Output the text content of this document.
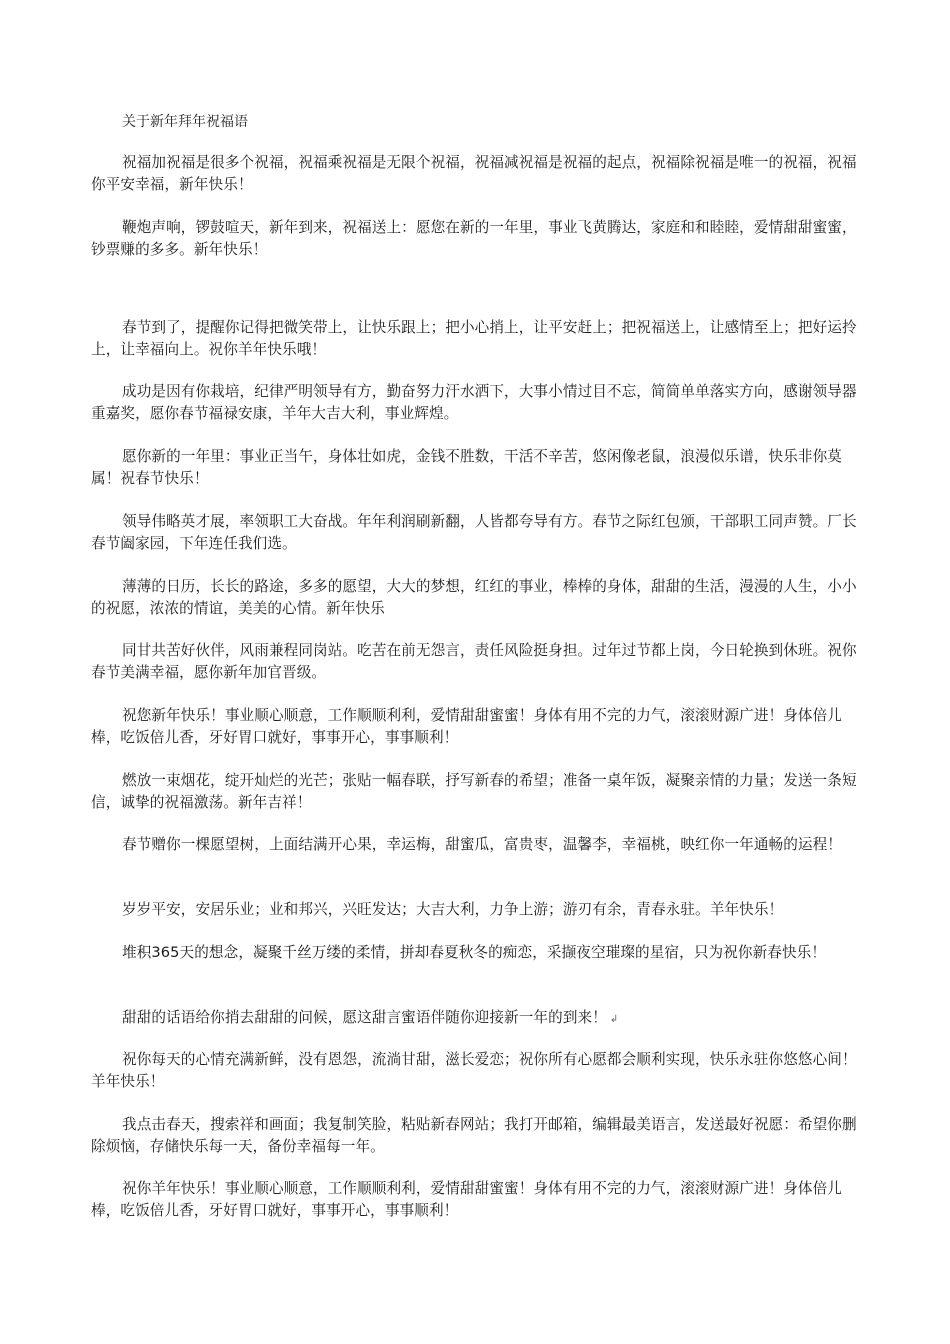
关于新年拜年祝福语
祝福加祝福是很多个祝福，祝福乘祝福是无限个祝福，祝福减祝福是祝福的起点，祝福除祝福是唯一的祝福，祝福你平安幸福，新年快乐！
鞭炮声响，锣鼓喧天，新年到来，祝福送上：愿您在新的一年里，事业飞黄腾达，家庭和和睦睦，爱情甜甜蜜蜜，钞票赚的多多。新年快乐！
春节到了，提醒你记得把微笑带上，让快乐跟上；把小心捎上，让平安赶上；把祝福送上，让感情至上；把好运拎上，让幸福向上。祝你羊年快乐哦！
成功是因有你栽培，纪律严明领导有方，勤奋努力汗水洒下，大事小情过目不忘，简简单单落实方向，感谢领导器重嘉奖，愿你春节福禄安康，羊年大吉大利，事业辉煌。
愿你新的一年里：事业正当午，身体壮如虎，金钱不胜数，干活不辛苦，悠闲像老鼠，浪漫似乐谱，快乐非你莫属！祝春节快乐！
领导伟略英才展，率领职工大奋战。年年利润刷新翻，人皆都夸导有方。春节之际红包颁，干部职工同声赞。厂长春节阖家园，下年连任我们选。
薄薄的日历，长长的路途，多多的愿望，大大的梦想，红红的事业，棒棒的身体，甜甜的生活，漫漫的人生，小小的祝愿，浓浓的情谊，美美的心情。新年快乐
同甘共苦好伙伴，风雨兼程同岗站。吃苦在前无怨言，责任风险挺身担。过年过节都上岗，今日轮换到休班。祝你春节美满幸福，愿你新年加官晋级。
祝您新年快乐！事业顺心顺意，工作顺顺利利，爱情甜甜蜜蜜！身体有用不完的力气，滚滚财源广进！身体倍儿棒，吃饭倍儿香，牙好胃口就好，事事开心，事事顺利！
燃放一束烟花，绽开灿烂的光芒；张贴一幅春联，抒写新春的希望；准备一桌年饭，凝聚亲情的力量；发送一条短信，诚挚的祝福激荡。新年吉祥！
春节赠你一棵愿望树，上面结满开心果，幸运梅，甜蜜瓜，富贵枣，温馨李，幸福桃，映红你一年通畅的运程！
岁岁平安，安居乐业；业和邦兴，兴旺发达；大吉大利，力争上游；游刃有余，青春永驻。羊年快乐！
堆积365天的想念，凝聚千丝万缕的柔情，拼却春夏秋冬的痴恋，采撷夜空璀璨的星宿，只为祝你新春快乐！
甜甜的话语给你捎去甜甜的问候，愿这甜言蜜语伴随你迎接新一年的到来！ ↲
祝你每天的心情充满新鲜，没有恩怨，流淌甘甜，滋长爱恋；祝你所有心愿都会顺利实现，快乐永驻你悠悠心间！羊年快乐！
我点击春天，搜索祥和画面；我复制笑脸，粘贴新春网站；我打开邮箱，编辑最美语言，发送最好祝愿：希望你删除烦恼，存储快乐每一天，备份幸福每一年。
祝你羊年快乐！事业顺心顺意，工作顺顺利利，爱情甜甜蜜蜜！身体有用不完的力气，滚滚财源广进！身体倍儿棒，吃饭倍儿香，牙好胃口就好，事事开心，事事顺利！
